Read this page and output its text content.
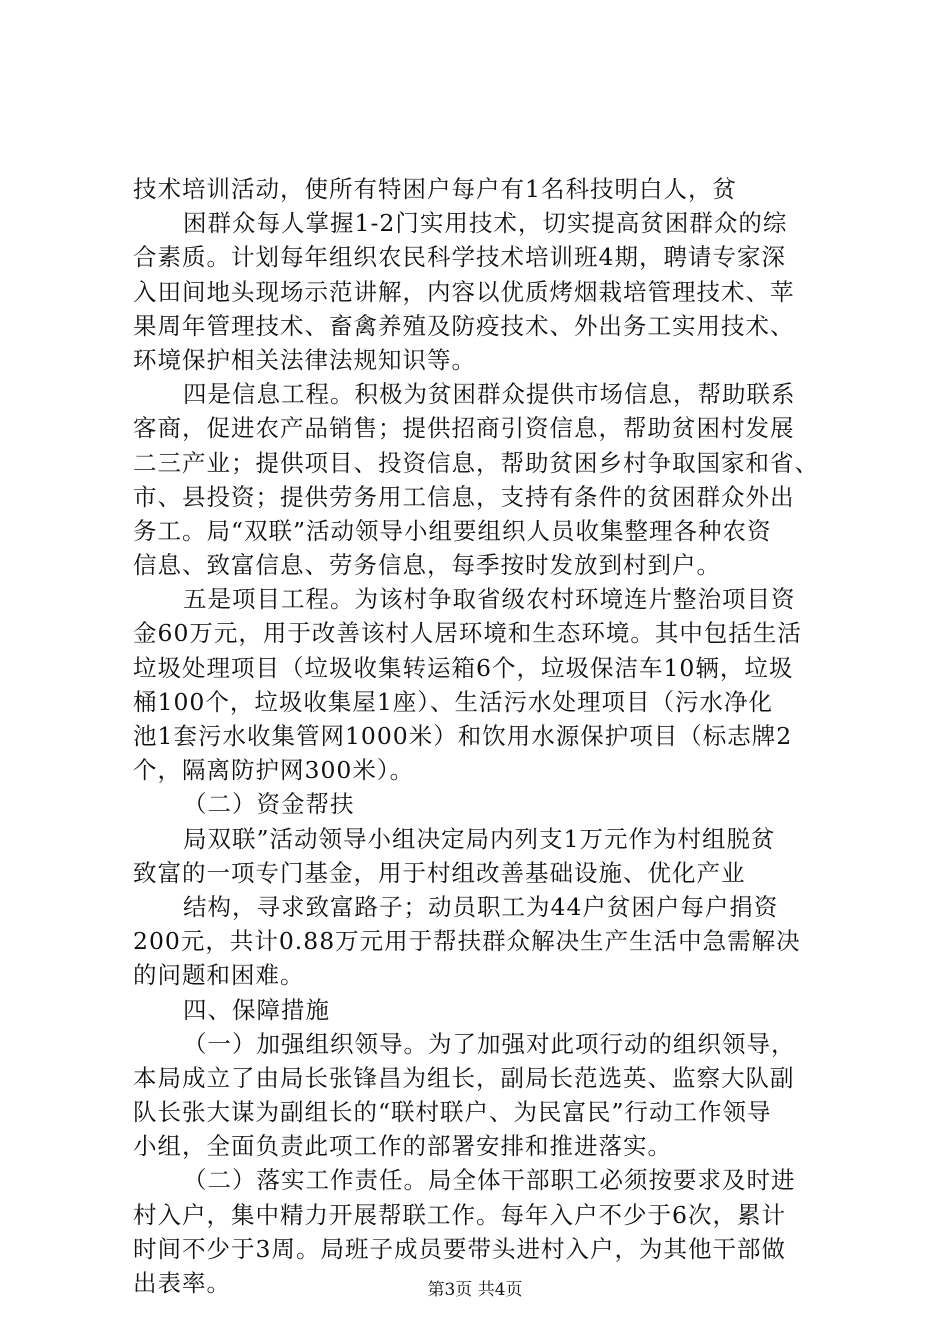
技术培训活动，使所有特困户每户有1名科技明白人，贫
困群众每人掌握1-2门实用技术，切实提高贫困群众的综
合素质。计划每年组织农民科学技术培训班4期，聘请专家深
入田间地头现场示范讲解，内容以优质烤烟栽培管理技术、苹
果周年管理技术、畜禽养殖及防疫技术、外出务工实用技术、
环境保护相关法律法规知识等。
四是信息工程。积极为贫困群众提供市场信息，帮助联系
客商，促进农产品销售；提供招商引资信息，帮助贫困村发展
二三产业；提供项目、投资信息，帮助贫困乡村争取国家和省、
市、县投资；提供劳务用工信息，支持有条件的贫困群众外出
务工。局“双联”活动领导小组要组织人员收集整理各种农资
信息、致富信息、劳务信息，每季按时发放到村到户。
五是项目工程。为该村争取省级农村环境连片整治项目资
金60万元，用于改善该村人居环境和生态环境。其中包括生活
垃圾处理项目（垃圾收集转运箱6个，垃圾保洁车10辆，垃圾
桶100个，垃圾收集屋1座）、生活污水处理项目（污水净化
池1套污水收集管网1000米）和饮用水源保护项目（标志牌2
个，隔离防护网300米）。
（二）资金帮扶
局双联”活动领导小组决定局内列支1万元作为村组脱贫
致富的一项专门基金，用于村组改善基础设施、优化产业
结构，寻求致富路子；动员职工为44户贫困户每户捐资
200元，共计0.88万元用于帮扶群众解决生产生活中急需解决
的问题和困难。
四、保障措施
（一）加强组织领导。为了加强对此项行动的组织领导，
本局成立了由局长张锋昌为组长，副局长范选英、监察大队副
队长张大谋为副组长的“联村联户、为民富民”行动工作领导
小组，全面负责此项工作的部署安排和推进落实。
（二）落实工作责任。局全体干部职工必须按要求及时进
村入户，集中精力开展帮联工作。每年入户不少于6次，累计
时间不少于3周。局班子成员要带头进村入户，为其他干部做
出表率。	第3页 共4页
